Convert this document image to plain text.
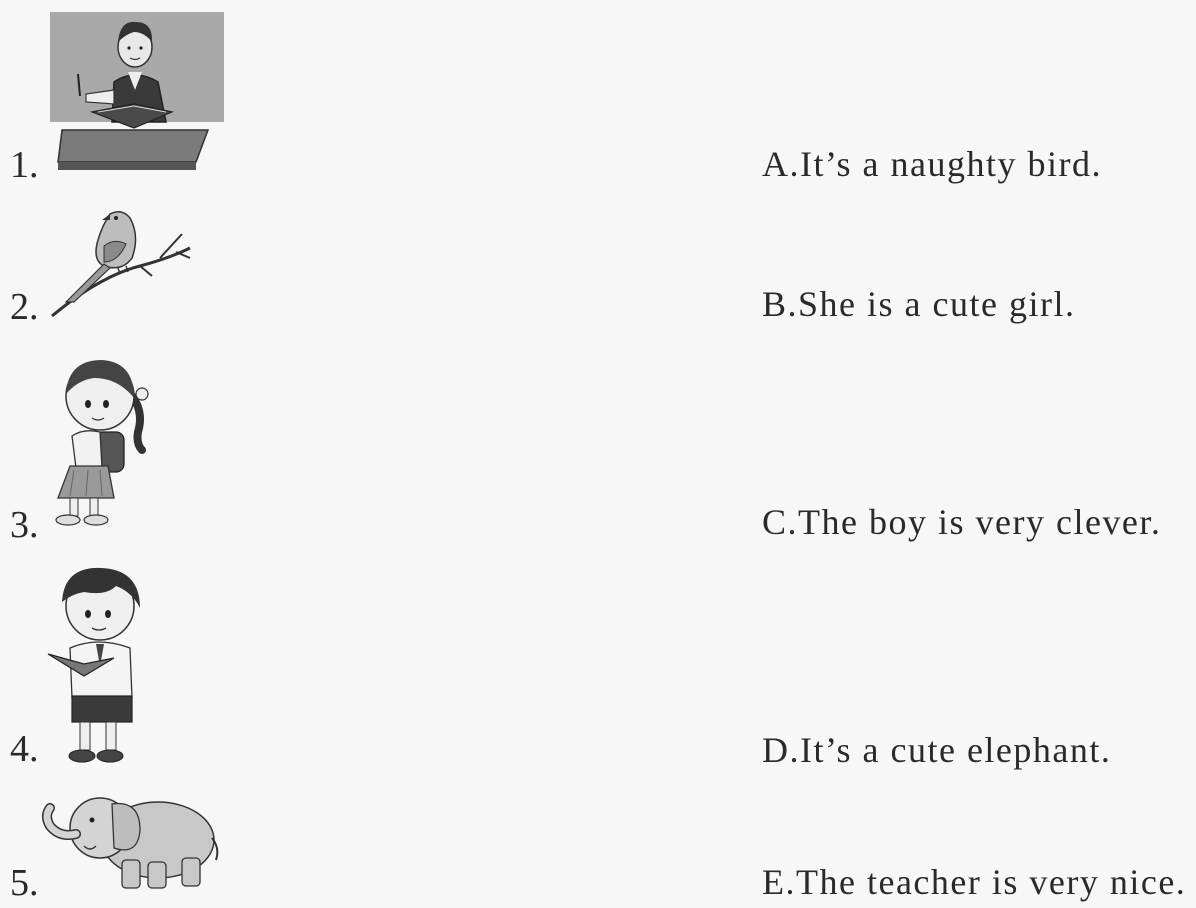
1.
2.
3.
4.
5.
A.It’s a naughty bird.
B.She is a cute girl.
C.The boy is very clever.
D.It’s a cute elephant.
E.The teacher is very nice.
